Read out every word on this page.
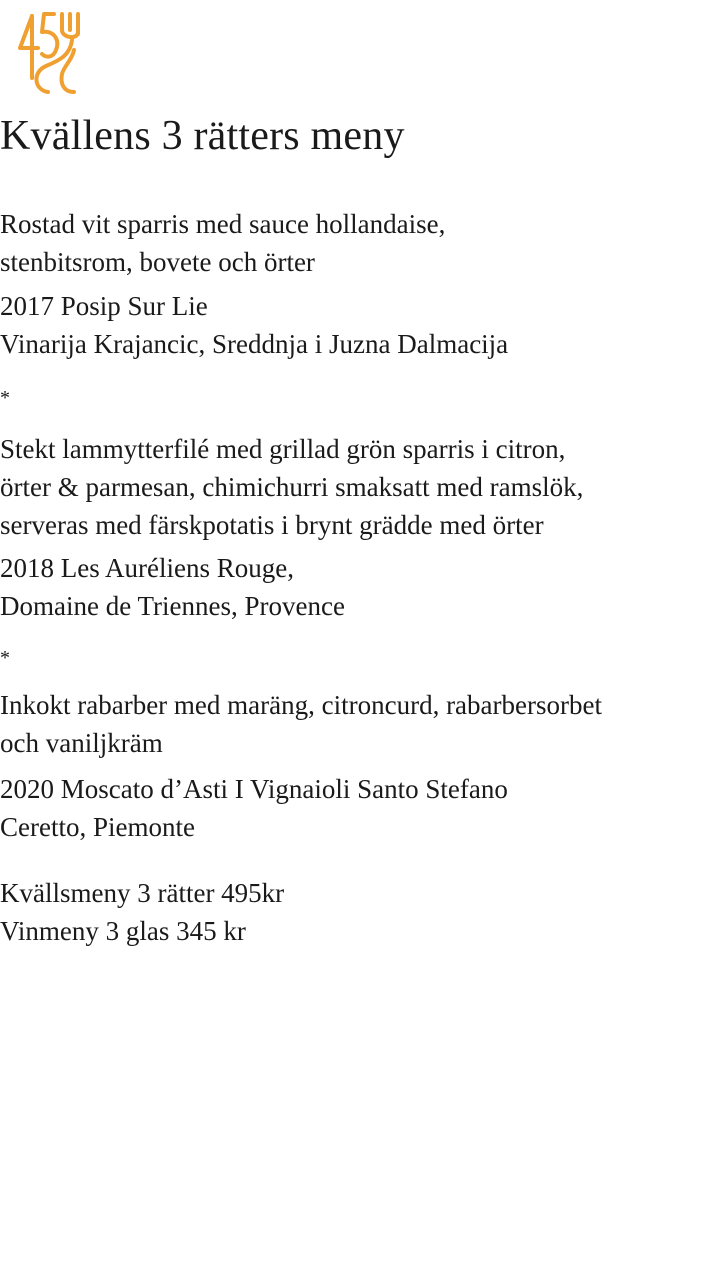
Kvällens 3 rätters meny
Rostad vit sparris med sauce hollandaise,
stenbitsrom, bovete och örter
2017 Posip Sur Lie
Vinarija Krajancic, Sreddnja i Juzna Dalmacija
*
Stekt lammytterfilé med grillad grön sparris i citron,
örter & parmesan, chimichurri smaksatt med ramslök,
serveras med färskpotatis i brynt grädde med örter
2018 Les Auréliens Rouge,
Domaine de Triennes, Provence
*
Inkokt rabarber med maräng, citroncurd, rabarbersorbet
och vaniljkräm
2020 Moscato d’Asti I Vignaioli Santo Stefano
Ceretto, Piemonte
Kvällsmeny 3 rätter 495kr
Vinmeny 3 glas 345 kr
